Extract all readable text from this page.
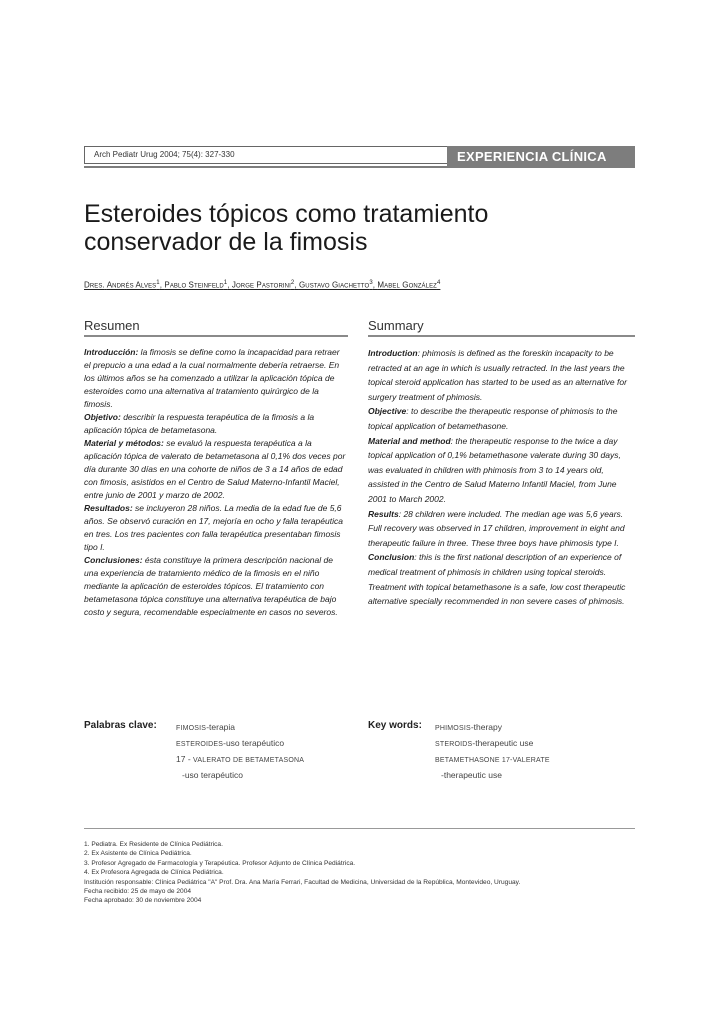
Arch Pediatr Urug 2004; 75(4): 327-330	EXPERIENCIA CLÍNICA
Esteroides tópicos como tratamiento
conservador de la fimosis
Dres. Andrés Alves$^1$, Pablo Steinfeld$^1$, Jorge Pastorini$^2$, Gustavo Giachetto$^3$, Mabel González$^4$
Resumen
Introducción: la fimosis se define como la incapacidad para retraer el prepucio a una edad a la cual normalmente debería retraerse. En los últimos años se ha comenzado a utilizar la aplicación tópica de esteroides como una alternativa al tratamiento quirúrgico de la fimosis.
Objetivo: describir la respuesta terapéutica de la fimosis a la aplicación tópica de betametasona.
Material y métodos: se evaluó la respuesta terapéutica a la aplicación tópica de valerato de betametasona al 0,1% dos veces por día durante 30 días en una cohorte de niños de 3 a 14 años de edad con fimosis, asistidos en el Centro de Salud Materno-Infantil Maciel, entre junio de 2001 y marzo de 2002.
Resultados: se incluyeron 28 niños. La media de la edad fue de 5,6 años. Se observó curación en 17, mejoría en ocho y falla terapéutica en tres. Los tres pacientes con falla terapéutica presentaban fimosis tipo I.
Conclusiones: ésta constituye la primera descripción nacional de una experiencia de tratamiento médico de la fimosis en el niño mediante la aplicación de esteroides tópicos. El tratamiento con betametasona tópica constituye una alternativa terapéutica de bajo costo y segura, recomendable especialmente en casos no severos.
Summary
Introduction: phimosis is defined as the foreskin incapacity to be retracted at an age in which is usually retracted. In the last years the topical steroid application has started to be used as an alternative for surgery treatment of phimosis.
Objective: to describe the therapeutic response of phimosis to the topical application of betamethasone.
Material and method: the therapeutic response to the twice a day topical application of 0,1% betamethasone valerate during 30 days, was evaluated in children with phimosis from 3 to 14 years old, assisted in the Centro de Salud Materno Infantil Maciel, from June 2001 to March 2002.
Results: 28 children were included. The median age was 5,6 years. Full recovery was observed in 17 children, improvement in eight and therapeutic failure in three. These three boys have phimosis type I.
Conclusion: this is the first national description of an experience of medical treatment of phimosis in children using topical steroids. Treatment with topical betamethasone is a safe, low cost therapeutic alternative specially recommended in non severe cases of phimosis.
Palabras clave:	FIMOSIS-terapia
ESTEROIDES-uso terapéutico
17 - VALERATO DE BETAMETASONA
-uso terapéutico
Key words: PHIMOSIS-therapy
STEROIDS-therapeutic use
BETAMETHASONE 17-VALERATE
-therapeutic use
1. Pediatra. Ex Residente de Clínica Pediátrica.
2. Ex Asistente de Clínica Pediátrica.
3. Profesor Agregado de Farmacología y Terapéutica. Profesor Adjunto de Clínica Pediátrica.
4. Ex Profesora Agregada de Clínica Pediátrica.
Institución responsable: Clínica Pediátrica "A" Prof. Dra. Ana María Ferrari, Facultad de Medicina, Universidad de la República, Montevideo, Uruguay.
Fecha recibido: 25 de mayo de 2004
Fecha aprobado: 30 de noviembre 2004
